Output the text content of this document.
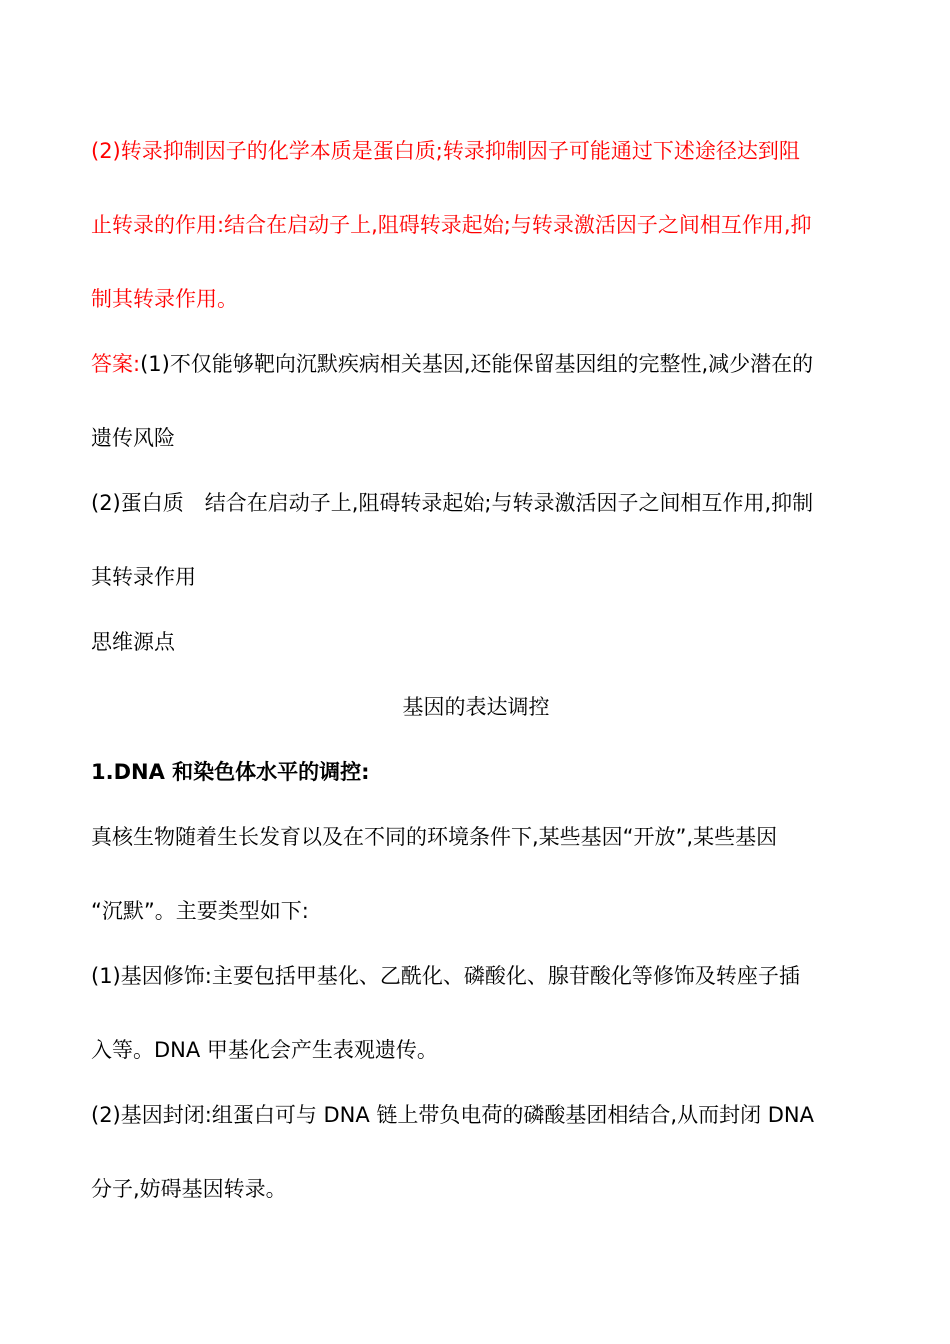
(2)转录抑制因子的化学本质是蛋白质;转录抑制因子可能通过下述途径达到阻
止转录的作用:结合在启动子上,阻碍转录起始;与转录激活因子之间相互作用,抑
制其转录作用。
答案:(1)不仅能够靶向沉默疾病相关基因,还能保留基因组的完整性,减少潜在的
遗传风险
(2)蛋白质　结合在启动子上,阻碍转录起始;与转录激活因子之间相互作用,抑制
其转录作用
思维源点
基因的表达调控
1.DNA 和染色体水平的调控:
真核生物随着生长发育以及在不同的环境条件下,某些基因“开放”,某些基因
“沉默”。主要类型如下:
(1)基因修饰:主要包括甲基化、乙酰化、磷酸化、腺苷酸化等修饰及转座子插
入等。DNA 甲基化会产生表观遗传。
(2)基因封闭:组蛋白可与 DNA 链上带负电荷的磷酸基团相结合,从而封闭 DNA
分子,妨碍基因转录。
